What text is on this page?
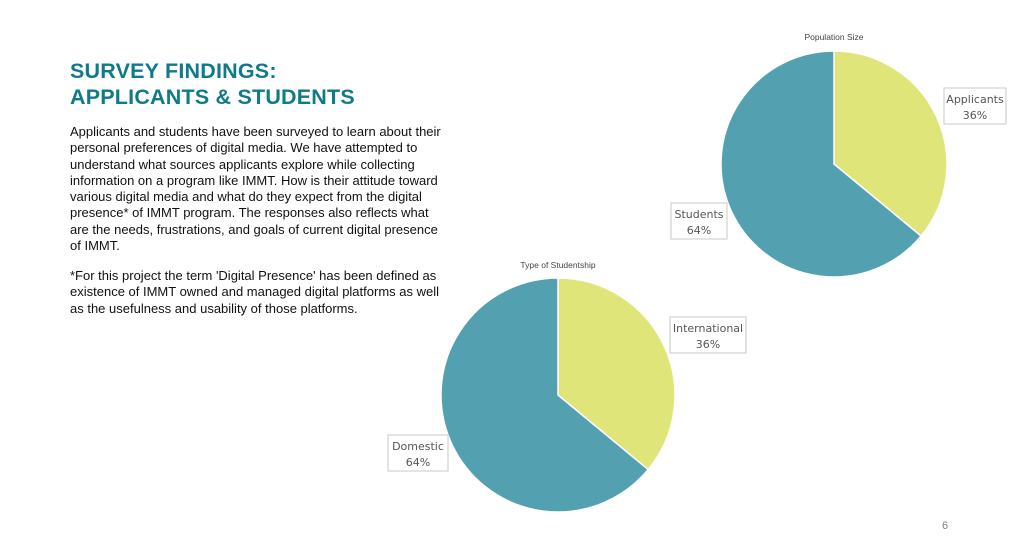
SURVEY FINDINGS:
APPLICANTS & STUDENTS

Applicants and students have been surveyed to learn about their personal preferences of digital media. We have attempted to understand what sources applicants explore while collecting information on a program like IMMT. How is their attitude toward various digital media and what do they expect from the digital presence* of IMMT program. The responses also reflects what are the needs, frustrations, and goals of current digital presence of IMMT.

*For this project the term 'Digital Presence' has been defined as existence of IMMT owned and managed digital platforms as well as the usefulness and usability of those platforms.

6
Population Size
Applicants
36%
Students
64%
Type of Studentship
International
36%
Domestic
64%
